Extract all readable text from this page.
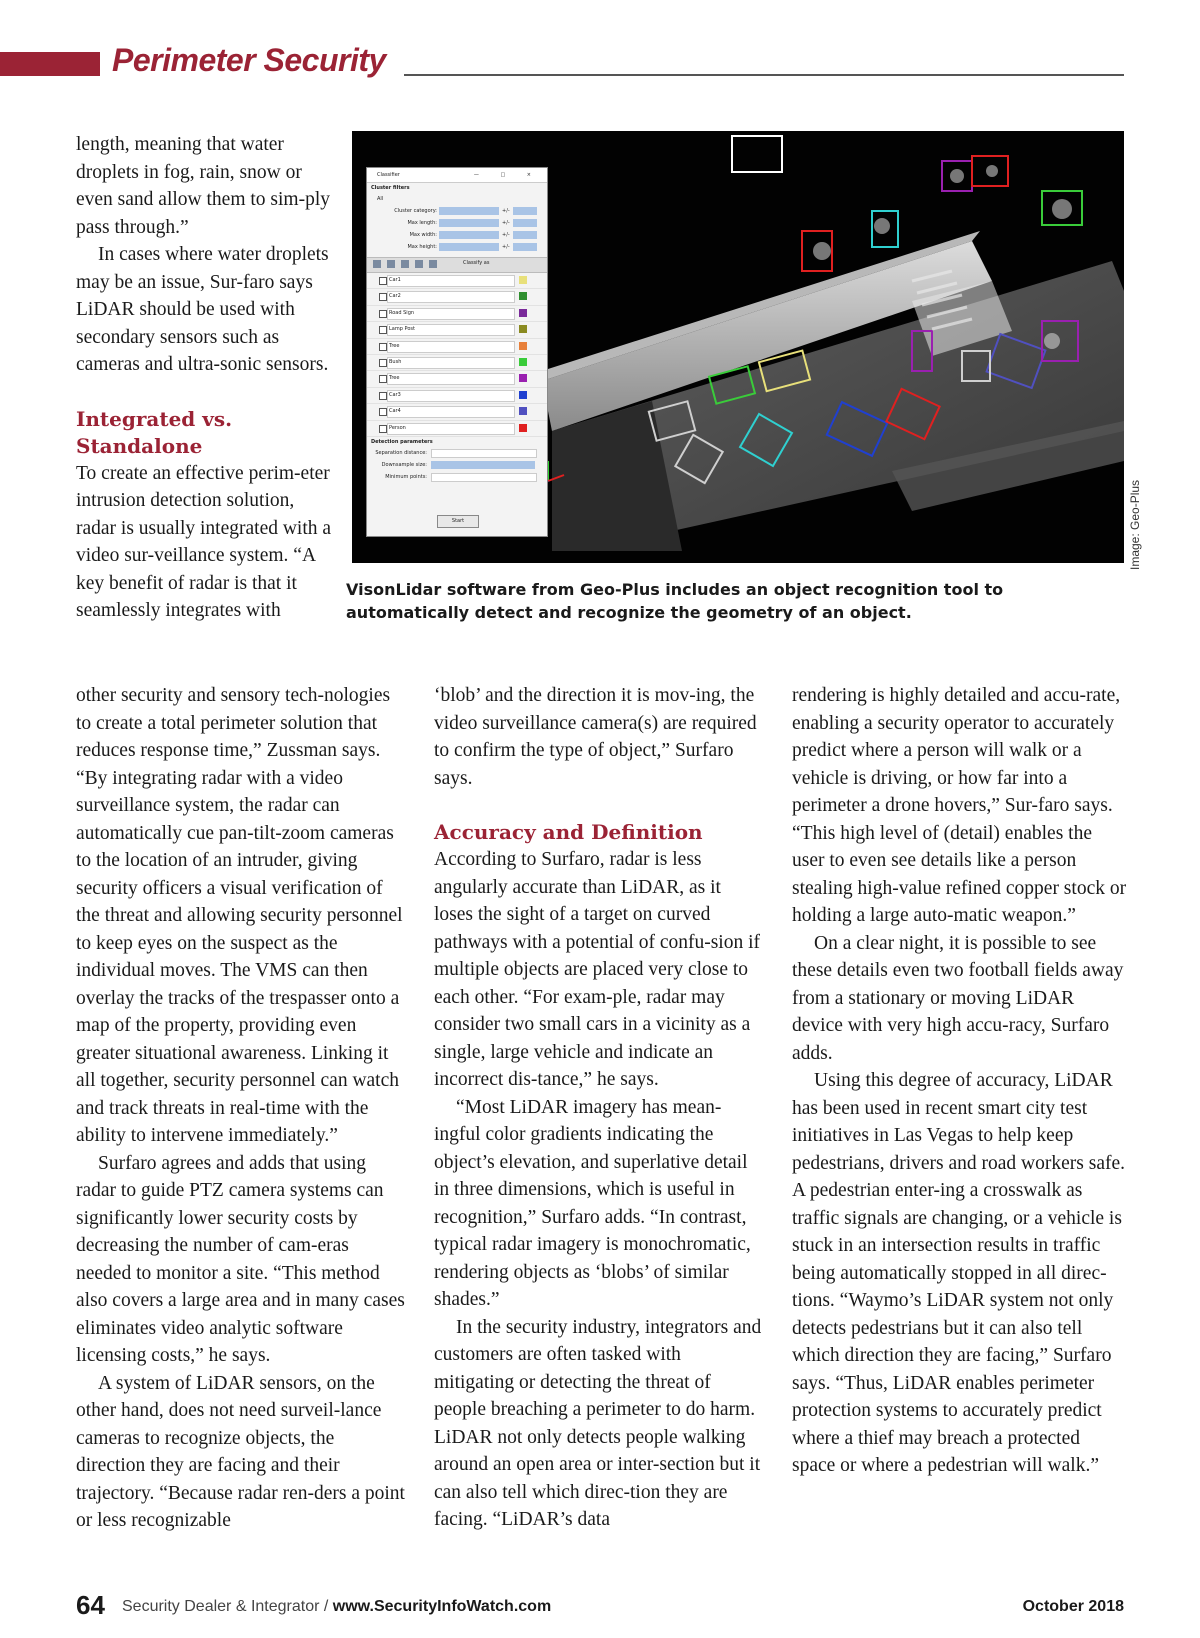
Perimeter Security

length, meaning that water droplets in fog, rain, snow or even sand allow them to sim-ply pass through.”

In cases where water droplets may be an issue, Sur-faro says LiDAR should be used with secondary sensors such as cameras and ultra-sonic sensors.

Integrated vs. Standalone

To create an effective perim-eter intrusion detection solution, radar is usually integrated with a video sur-veillance system. “A key benefit of radar is that it seamlessly integrates with

Classifier	— □ ×
Cluster filters
All
Cluster category:	+/-
Max length:	+/-
Max width:	+/-
Max height:	+/-
Classify as
Car1
Car2
Road Sign
Lamp Post
Tree
Bush
Tree
Car3
Car4
Person
Detection parameters
Separation distance:
Downsample size:
Minimum points:
Start	Image: Geo-Plus
VisonLidar software from Geo-Plus includes an object recognition tool to automatically detect and recognize the geometry of an object.

other security and sensory tech-nologies to create a total perimeter solution that reduces response time,” Zussman says. “By integrating radar with a video surveillance system, the radar can automatically cue pan-tilt-zoom cameras to the location of an intruder, giving security officers a visual verification of the threat and allowing security personnel to keep eyes on the suspect as the individual moves. The VMS can then overlay the tracks of the trespasser onto a map of the property, providing even greater situational awareness. Linking it all together, security personnel can watch and track threats in real-time with the ability to intervene immediately.”

Surfaro agrees and adds that using radar to guide PTZ camera systems can significantly lower security costs by decreasing the number of cam-eras needed to monitor a site. “This method also covers a large area and in many cases eliminates video analytic software licensing costs,” he says.

A system of LiDAR sensors, on the other hand, does not need surveil-lance cameras to recognize objects, the direction they are facing and their trajectory. “Because radar ren-ders a point or less recognizable

‘blob’ and the direction it is mov-ing, the video surveillance camera(s) are required to confirm the type of object,” Surfaro says.

Accuracy and Definition

According to Surfaro, radar is less angularly accurate than LiDAR, as it loses the sight of a target on curved pathways with a potential of confu-sion if multiple objects are placed very close to each other. “For exam-ple, radar may consider two small cars in a vicinity as a single, large vehicle and indicate an incorrect dis-tance,” he says.

“Most LiDAR imagery has mean-ingful color gradients indicating the object’s elevation, and superlative detail in three dimensions, which is useful in recognition,” Surfaro adds. “In contrast, typical radar imagery is monochromatic, rendering objects as ‘blobs’ of similar shades.”

In the security industry, integrators and customers are often tasked with mitigating or detecting the threat of people breaching a perimeter to do harm. LiDAR not only detects people walking around an open area or inter-section but it can also tell which direc-tion they are facing. “LiDAR’s data

rendering is highly detailed and accu-rate, enabling a security operator to accurately predict where a person will walk or a vehicle is driving, or how far into a perimeter a drone hovers,” Sur-faro says. “This high level of (detail) enables the user to even see details like a person stealing high-value refined copper stock or holding a large auto-matic weapon.”

On a clear night, it is possible to see these details even two football fields away from a stationary or moving LiDAR device with very high accu-racy, Surfaro adds.

Using this degree of accuracy, LiDAR has been used in recent smart city test initiatives in Las Vegas to help keep pedestrians, drivers and road workers safe. A pedestrian enter-ing a crosswalk as traffic signals are changing, or a vehicle is stuck in an intersection results in traffic being automatically stopped in all direc-tions. “Waymo’s LiDAR system not only detects pedestrians but it can also tell which direction they are facing,” Surfaro says. “Thus, LiDAR enables perimeter protection systems to accurately predict where a thief may breach a protected space or where a pedestrian will walk.”

64 Security Dealer & Integrator / www.SecurityInfoWatch.com	October 2018
